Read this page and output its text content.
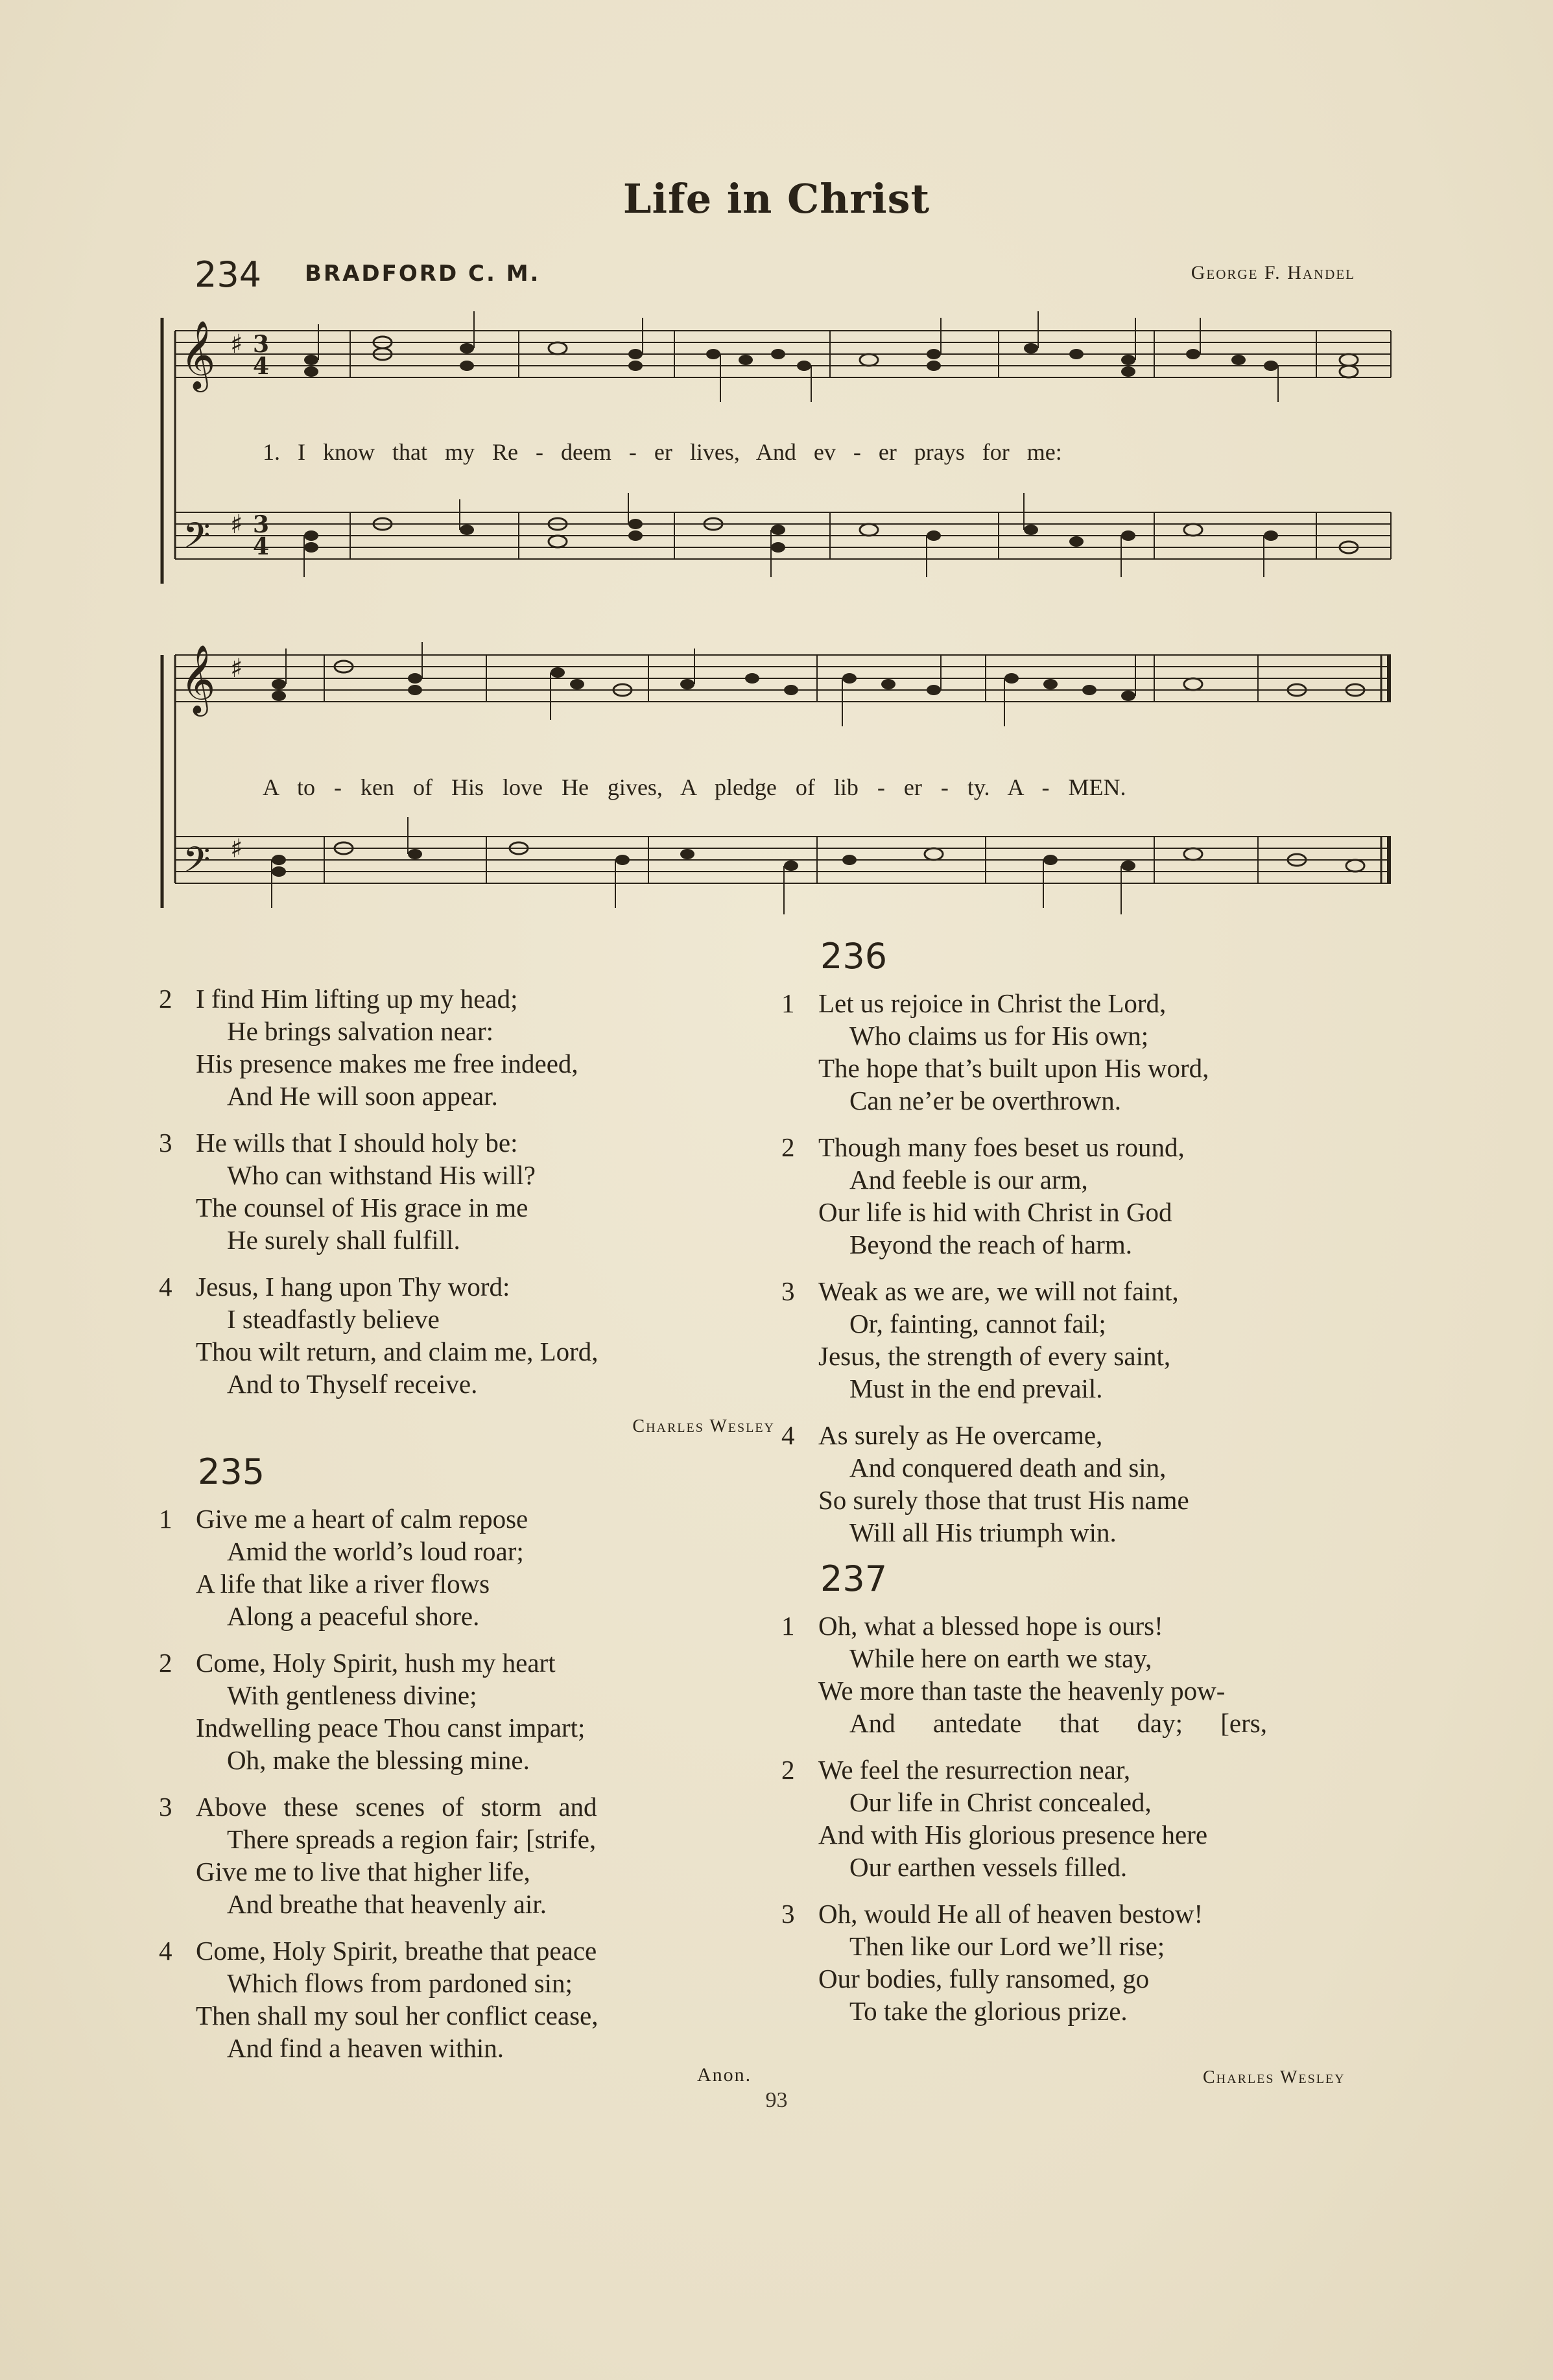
Life in Christ
234 BRADFORD C. M.	George F. Handel
𝄞
𝄢
♯
♯
3
4
3
4
1. I know that my Re - deem - er lives, And ev - er prays for me:
𝄞
𝄢
♯
♯
A to - ken of His love He gives, A pledge of lib - er - ty. A - MEN.
2 I find Him lifting up my head;
He brings salvation near:
His presence makes me free indeed,
And He will soon appear.
3 He wills that I should holy be:
Who can withstand His will?
The counsel of His grace in me
He surely shall fulfill.
4 Jesus, I hang upon Thy word:
I steadfastly believe
Thou wilt return, and claim me, Lord,
And to Thyself receive.
Charles Wesley
235
1 Give me a heart of calm repose
Amid the world’s loud roar;
A life that like a river flows
Along a peaceful shore.
2 Come, Holy Spirit, hush my heart
With gentleness divine;
Indwelling peace Thou canst impart;
Oh, make the blessing mine.
3 Above these scenes of storm and
There spreads a region fair; [strife,
Give me to live that higher life,
And breathe that heavenly air.
4 Come, Holy Spirit, breathe that peace
Which flows from pardoned sin;
Then shall my soul her conflict cease,
And find a heaven within.
Anon.
236
1 Let us rejoice in Christ the Lord,
Who claims us for His own;
The hope that’s built upon His word,
Can ne’er be overthrown.
2 Though many foes beset us round,
And feeble is our arm,
Our life is hid with Christ in God
Beyond the reach of harm.
3 Weak as we are, we will not faint,
Or, fainting, cannot fail;
Jesus, the strength of every saint,
Must in the end prevail.
4 As surely as He overcame,
And conquered death and sin,
So surely those that trust His name
Will all His triumph win.
237
1 Oh, what a blessed hope is ours!
While here on earth we stay,
We more than taste the heavenly pow-
And antedate that day; [ers,
2 We feel the resurrection near,
Our life in Christ concealed,
And with His glorious presence here
Our earthen vessels filled.
3 Oh, would He all of heaven bestow!
Then like our Lord we’ll rise;
Our bodies, fully ransomed, go
To take the glorious prize.
Charles Wesley
93
